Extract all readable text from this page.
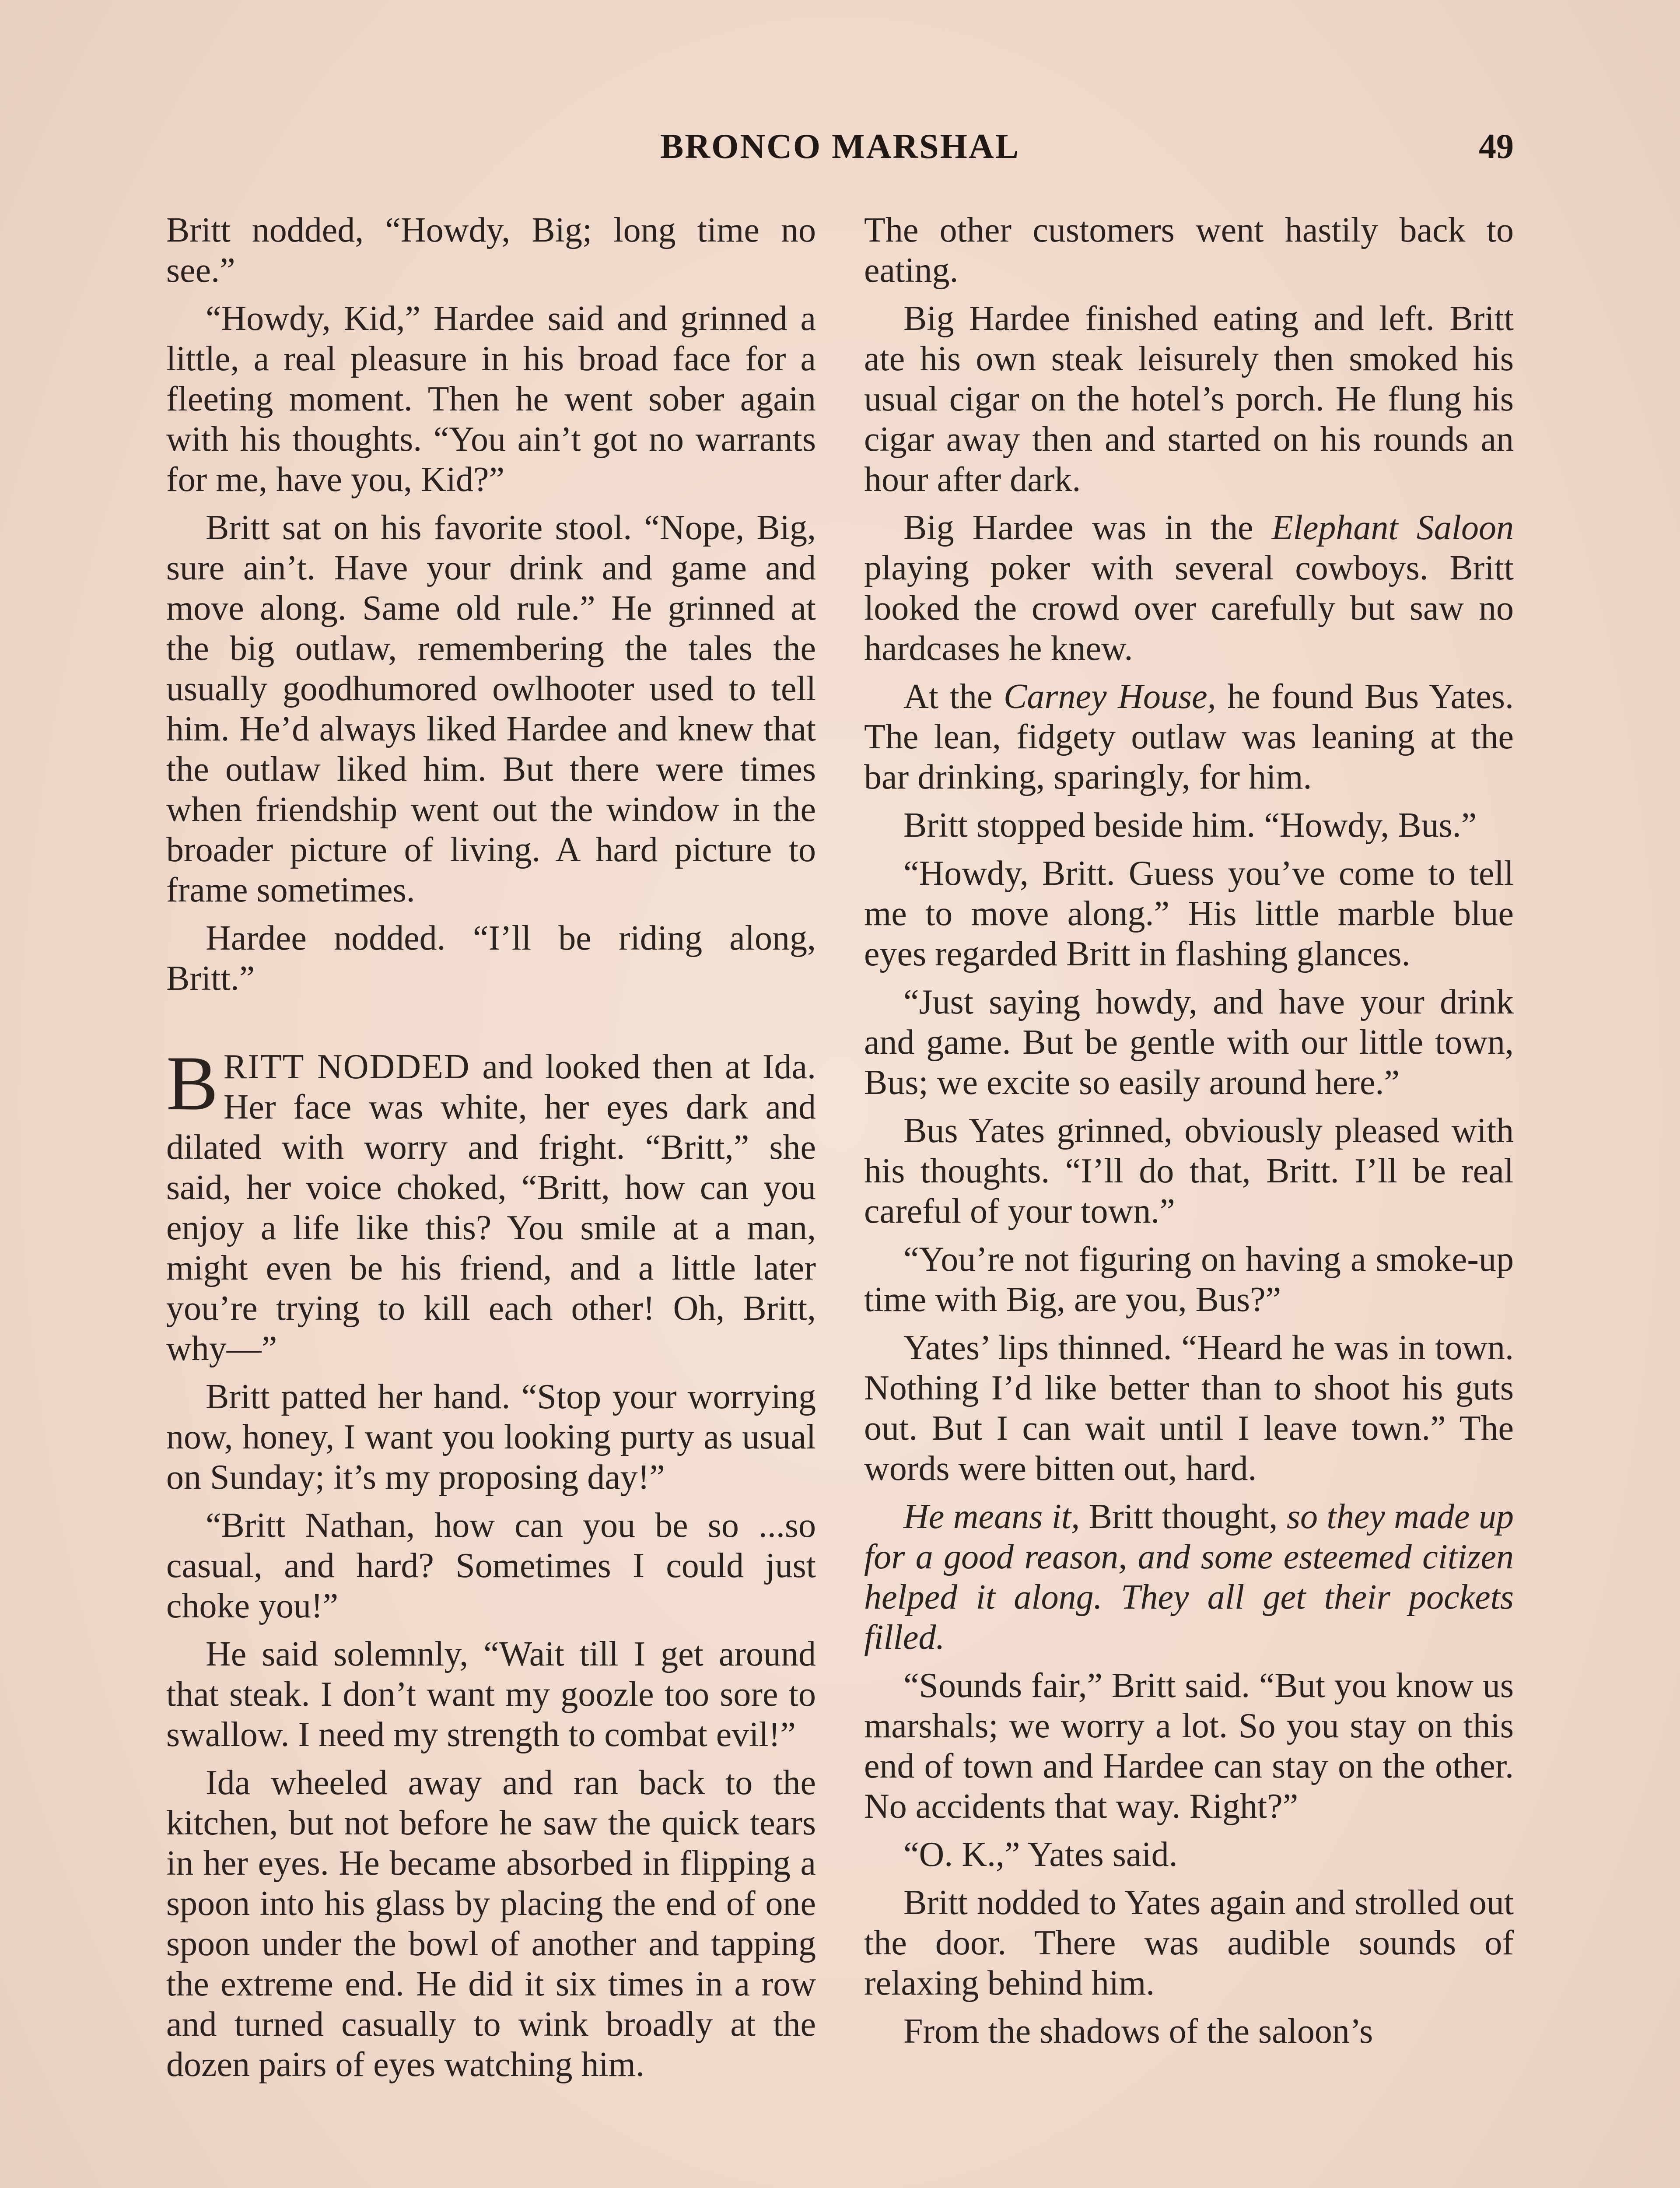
BRONCO MARSHAL	49

Britt nodded, “Howdy, Big; long time no see.”

“Howdy, Kid,” Hardee said and grinned a little, a real pleasure in his broad face for a fleeting moment. Then he went sober again with his thoughts. “You ain’t got no warrants for me, have you, Kid?”

Britt sat on his favorite stool. “Nope, Big, sure ain’t. Have your drink and game and move along. Same old rule.” He grinned at the big outlaw, remembering the tales the usually goodhumored owlhooter used to tell him. He’d always liked Hardee and knew that the outlaw liked him. But there were times when friendship went out the window in the broader picture of living. A hard picture to frame sometimes.

Hardee nodded. “I’ll be riding along, Britt.”

BRITT NODDED and looked then at Ida. Her face was white, her eyes dark and dilated with worry and fright. “Britt,” she said, her voice choked, “Britt, how can you enjoy a life like this? You smile at a man, might even be his friend, and a little later you’re trying to kill each other! Oh, Britt, why—”

Britt patted her hand. “Stop your worrying now, honey, I want you looking purty as usual on Sunday; it’s my proposing day!”

“Britt Nathan, how can you be so ...so casual, and hard? Sometimes I could just choke you!”

He said solemnly, “Wait till I get around that steak. I don’t want my goozle too sore to swallow. I need my strength to combat evil!”

Ida wheeled away and ran back to the kitchen, but not before he saw the quick tears in her eyes. He became absorbed in flipping a spoon into his glass by placing the end of one spoon under the bowl of another and tapping the extreme end. He did it six times in a row and turned casually to wink broadly at the dozen pairs of eyes watching him.

The other customers went hastily back to eating.

Big Hardee finished eating and left. Britt ate his own steak leisurely then smoked his usual cigar on the hotel’s porch. He flung his cigar away then and started on his rounds an hour after dark.

Big Hardee was in the Elephant Saloon playing poker with several cowboys. Britt looked the crowd over carefully but saw no hardcases he knew.

At the Carney House, he found Bus Yates. The lean, fidgety outlaw was leaning at the bar drinking, sparingly, for him.

Britt stopped beside him. “Howdy, Bus.”

“Howdy, Britt. Guess you’ve come to tell me to move along.” His little marble blue eyes regarded Britt in flashing glances.

“Just saying howdy, and have your drink and game. But be gentle with our little town, Bus; we excite so easily around here.”

Bus Yates grinned, obviously pleased with his thoughts. “I’ll do that, Britt. I’ll be real careful of your town.”

“You’re not figuring on having a smoke-up time with Big, are you, Bus?”

Yates’ lips thinned. “Heard he was in town. Nothing I’d like better than to shoot his guts out. But I can wait until I leave town.” The words were bitten out, hard.

He means it, Britt thought, so they made up for a good reason, and some esteemed citizen helped it along. They all get their pockets filled.

“Sounds fair,” Britt said. “But you know us marshals; we worry a lot. So you stay on this end of town and Hardee can stay on the other. No accidents that way. Right?”

“O. K.,” Yates said.

Britt nodded to Yates again and strolled out the door. There was audible sounds of relaxing behind him.

From the shadows of the saloon’s
